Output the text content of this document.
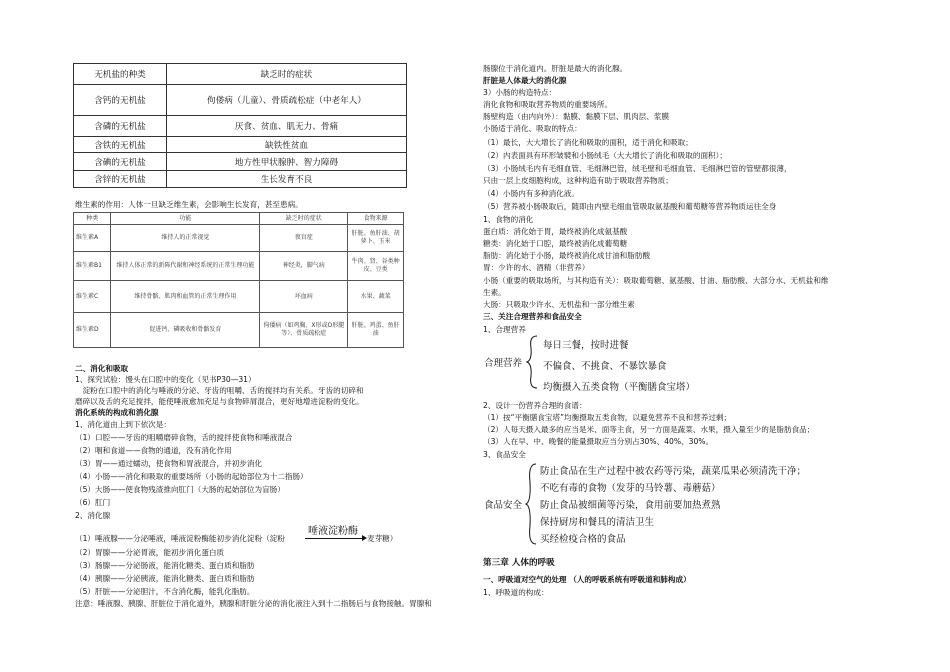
无机盐的种类	缺乏时的症状
含钙的无机盐	佝偻病（儿童）、骨质疏松症（中老年人）
含磷的无机盐	厌食、贫血、肌无力、骨痛
含铁的无机盐	缺铁性贫血
含碘的无机盐	地方性甲状腺肿、智力障碍
含锌的无机盐	生长发育不良
维生素的作用：人体一旦缺乏维生素，会影响生长发育，甚至患病。
种类	功能	缺乏时的症状	食物来源
维生素A	维持人的正常视觉	夜盲症	肝脏、鱼肝油、胡萝卜、玉米
维生素B1	维持人体正常的新陈代谢和神经系统的正常生理功能	神经炎，脚气病	牛肉、肾、谷类种皮、豆类
维生素C	维持骨骼、肌肉和血管的正常生理作用	坏血病	水果、蔬菜
维生素D	促进钙、磷吸收和骨骼发育	佝偻病（如鸡胸、X形或O形腿等）、骨质疏松症	肝脏、鸡蛋、鱼肝油
二、消化和吸取
1、探究试验：馒头在口腔中的变化（见书P30—31）
　淀粉在口腔中的消化与唾液的分泌、牙齿的咀嚼、舌的搅拌均有关系。牙齿的切碎和
磨碎以及舌的充足搅拌，能使唾液愈加充足与食物碎屑混合，更好地增进淀粉的变化。
消化系统的构成和消化腺
1、消化道由上到下依次是：
（1）口腔——牙齿的咀嚼磨碎食物，舌的搅拌使食物和唾液混合
（2）咽和食道——食物的通道，没有消化作用
（3）胃——通过蠕动，使食物和胃液混合，并初步消化
（4）小肠——消化和吸取的重要场所（小肠的起始部位为十二指肠）
（5）大肠——使食物残渣推向肛门（大肠的起始部位为盲肠）
（6）肛门
2、消化腺
（1）唾液腺——分泌唾液，唾液淀粉酶能初步消化淀粉（淀粉
唾液淀粉酶
麦芽糖）
（2）胃腺——分泌胃液，能初步消化蛋白质
（3）肠腺——分泌肠液，能消化糖类、蛋白质和脂肪
（4）胰腺——分泌胰液，能消化糖类、蛋白质和脂肪
（5）肝脏——分泌胆汁，不含消化酶，能乳化脂肪。
注意：唾液腺、胰腺、肝脏位于消化道外，胰腺和肝脏分泌的消化液注入到十二指肠后与食物接触。胃腺和
肠腺位于消化道内。肝脏是最大的消化腺。
肝脏是人体最大的消化腺
3）小肠的构造特点：
消化食物和吸取营养物质的重要场所。
肠壁构造（由内向外）：黏膜、黏膜下层、肌肉层、浆膜
小肠适于消化、吸取的特点：
（1）最长，大大增长了消化和吸取的面积，适于消化和吸取；
（2）内表面具有环形皱襞和小肠绒毛（大大增长了消化和吸取的面积）；
（3）小肠绒毛内有毛细血管、毛细淋巴管，绒毛壁和毛细血管、毛细淋巴管的管壁都很薄，
只由一层上皮细胞构成，这种构造有助于吸取营养物质；
（4）小肠内有多种消化液。
（5）营养被小肠吸取后，随即由内壁毛细血管吸取氨基酸和葡萄糖等营养物质运往全身
1、食物的消化
蛋白质：消化始于胃，最终被消化成氨基酸
糖类：消化始于口腔，最终被消化成葡萄糖
脂肪：消化始于小肠，最终被消化成甘油和脂肪酸
胃：少许的水、酒精（非营养）
小肠（重要的吸取场所，与其构造有关）：吸取葡萄糖、氨基酸、甘油、脂肪酸、大部分水、无机盐和维
生素。
大肠：只吸取少许水、无机盐和一部分维生素
三、关注合理营养和食品安全
1、合理营养
合理营养
每日三餐，按时进餐
不偏食、不挑食、不暴饮暴食
均衡摄入五类食物（平衡膳食宝塔）
2、设计一份营养合理的食谱：
（1）按“平衡膳食宝塔”均衡摄取五类食物，以避免营养不良和营养过剩；
（2）人每天摄入最多的应当是米、面等主食，另一方面是蔬菜、水果，摄入量至少的是脂肪食品；
（3）人在早、中、晚餐的能量摄取应当分别占30%、40%、30%。
3、食品安全
食品安全
防止食品在生产过程中被农药等污染，蔬菜瓜果必须清洗干净；
不吃有毒的食物（发芽的马铃薯、毒蘑菇）
防止食品被细菌等污染，食用前要加热煮熟
保持厨房和餐具的清洁卫生
买经检疫合格的食品
第三章 人体的呼吸
一、呼吸道对空气的处理 （人的呼吸系统有呼吸道和肺构成）
1、呼吸道的构成：
